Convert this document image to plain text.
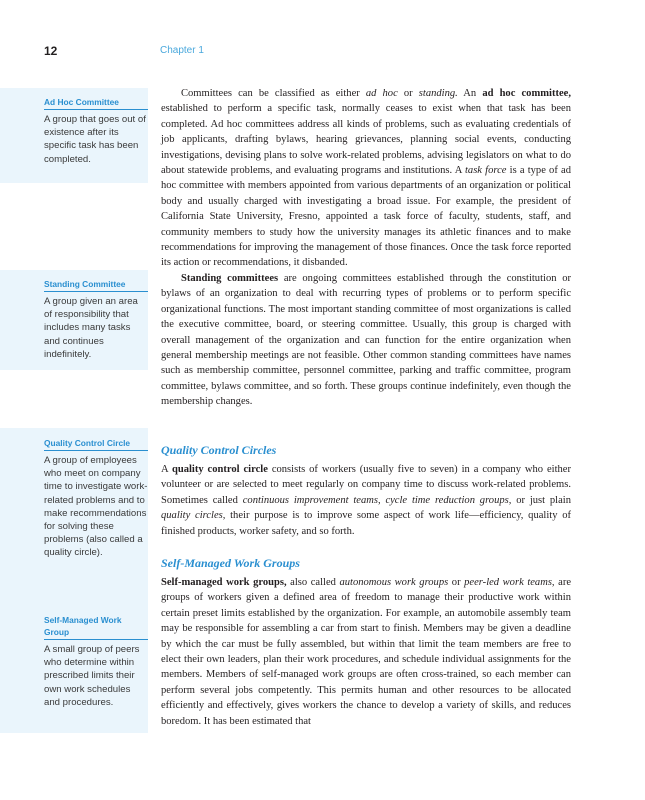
12	Chapter 1
Ad Hoc Committee
A group that goes out of existence after its specific task has been completed.
Standing Committee
A group given an area of responsibility that includes many tasks and continues indefinitely.
Quality Control Circle
A group of employees who meet on company time to investigate work-related problems and to make recommendations for solving these problems (also called a quality circle).
Self-Managed Work Group
A small group of peers who determine within prescribed limits their own work schedules and procedures.

Committees can be classified as either ad hoc or standing. An ad hoc committee, established to perform a specific task, normally ceases to exist when that task has been completed. Ad hoc committees address all kinds of problems, such as evaluating credentials of job applicants, drafting bylaws, hearing grievances, planning social events, conducting investigations, devising plans to solve work-related problems, advising legislators on what to do about statewide problems, and evaluating programs and institutions. A task force is a type of ad hoc committee with members appointed from various departments of an organization or political body and usually charged with investigating a broad issue. For example, the president of California State University, Fresno, appointed a task force of faculty, students, staff, and community members to study how the university manages its athletic finances and to make recommendations for improving the management of those finances. Once the task force reported its action or recommendations, it disbanded.

Standing committees are ongoing committees established through the constitution or bylaws of an organization to deal with recurring types of problems or to perform specific organizational functions. The most important standing committee of most organizations is called the executive committee, board, or steering committee. Usually, this group is charged with overall management of the organization and can function for the entire organization when general membership meetings are not feasible. Other common standing committees have names such as membership committee, personnel committee, parking and traffic committee, program committee, bylaws committee, and so forth. These groups continue indefinitely, even though the membership changes.

Quality Control Circles

A quality control circle consists of workers (usually five to seven) in a company who either volunteer or are selected to meet regularly on company time to discuss work-related problems. Sometimes called continuous improvement teams, cycle time reduction groups, or just plain quality circles, their purpose is to improve some aspect of work life—efficiency, quality of finished products, worker safety, and so forth.

Self-Managed Work Groups

Self-managed work groups, also called autonomous work groups or peer-led work teams, are groups of workers given a defined area of freedom to manage their productive work within certain preset limits established by the organization. For example, an automobile assembly team may be responsible for assembling a car from start to finish. Members may be given a deadline by which the car must be fully assembled, but within that limit the team members are free to elect their own leaders, plan their work procedures, and schedule individual assignments for the members. Members of self-managed work groups are often cross-trained, so each member can perform several jobs competently. This permits human and other resources to be allocated efficiently and effectively, gives workers the chance to develop a variety of skills, and reduces boredom. It has been estimated that
